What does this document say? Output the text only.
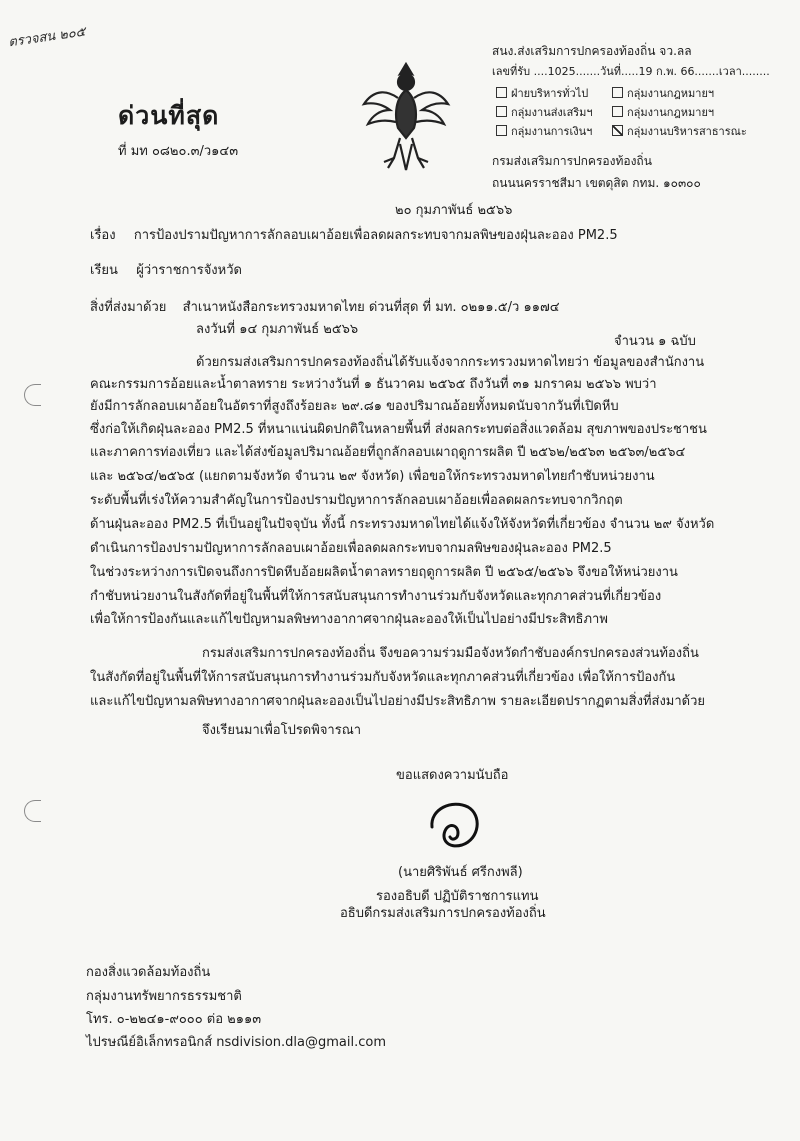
ตรวจสน ๒๐๕
ด่วนที่สุด
ที่ มท ๐๘๒๐.๓/ว๑๔๓
สนง.ส่งเสริมการปกครองท้องถิ่น จว.ลล
เลขที่รับ ....1025.......วันที่.....19 ก.พ. 66.......เวลา........
ฝ่ายบริหารทั่วไป	กลุ่มงานกฎหมายฯ
กลุ่มงานส่งเสริมฯ	กลุ่มงานกฎหมายฯ
กลุ่มงานการเงินฯ	กลุ่มงานบริหารสาธารณะ
กรมส่งเสริมการปกครองท้องถิ่น
ถนนนครราชสีมา เขตดุสิต กทม. ๑๐๓๐๐
๒๐ กุมภาพันธ์ ๒๕๖๖
เรื่อง การป้องปรามปัญหาการลักลอบเผาอ้อยเพื่อลดผลกระทบจากมลพิษของฝุ่นละออง PM2.5
เรียน ผู้ว่าราชการจังหวัด
สิ่งที่ส่งมาด้วย สำเนาหนังสือกระทรวงมหาดไทย ด่วนที่สุด ที่ มท. ๐๒๑๑.๕/ว ๑๑๗๔
ลงวันที่ ๑๔ กุมภาพันธ์ ๒๕๖๖
จำนวน ๑ ฉบับ
ด้วยกรมส่งเสริมการปกครองท้องถิ่นได้รับแจ้งจากกระทรวงมหาดไทยว่า ข้อมูลของสำนักงาน
คณะกรรมการอ้อยและน้ำตาลทราย ระหว่างวันที่ ๑ ธันวาคม ๒๕๖๕ ถึงวันที่ ๓๑ มกราคม ๒๕๖๖ พบว่า
ยังมีการลักลอบเผาอ้อยในอัตราที่สูงถึงร้อยละ ๒๙.๘๑ ของปริมาณอ้อยทั้งหมดนับจากวันที่เปิดหีบ
ซึ่งก่อให้เกิดฝุ่นละออง PM2.5 ที่หนาแน่นผิดปกติในหลายพื้นที่ ส่งผลกระทบต่อสิ่งแวดล้อม สุขภาพของประชาชน
และภาคการท่องเที่ยว และได้ส่งข้อมูลปริมาณอ้อยที่ถูกลักลอบเผาฤดูการผลิต ปี ๒๕๖๒/๒๕๖๓ ๒๕๖๓/๒๕๖๔
และ ๒๕๖๔/๒๕๖๕ (แยกตามจังหวัด จำนวน ๒๙ จังหวัด) เพื่อขอให้กระทรวงมหาดไทยกำชับหน่วยงาน
ระดับพื้นที่เร่งให้ความสำคัญในการป้องปรามปัญหาการลักลอบเผาอ้อยเพื่อลดผลกระทบจากวิกฤต
ด้านฝุ่นละออง PM2.5 ที่เป็นอยู่ในปัจจุบัน ทั้งนี้ กระทรวงมหาดไทยได้แจ้งให้จังหวัดที่เกี่ยวข้อง จำนวน ๒๙ จังหวัด
ดำเนินการป้องปรามปัญหาการลักลอบเผาอ้อยเพื่อลดผลกระทบจากมลพิษของฝุ่นละออง PM2.5
ในช่วงระหว่างการเปิดจนถึงการปิดหีบอ้อยผลิตน้ำตาลทรายฤดูการผลิต ปี ๒๕๖๕/๒๕๖๖ จึงขอให้หน่วยงาน
กำชับหน่วยงานในสังกัดที่อยู่ในพื้นที่ให้การสนับสนุนการทำงานร่วมกับจังหวัดและทุกภาคส่วนที่เกี่ยวข้อง
เพื่อให้การป้องกันและแก้ไขปัญหามลพิษทางอากาศจากฝุ่นละอองให้เป็นไปอย่างมีประสิทธิภาพ
กรมส่งเสริมการปกครองท้องถิ่น จึงขอความร่วมมือจังหวัดกำชับองค์กรปกครองส่วนท้องถิ่น
ในสังกัดที่อยู่ในพื้นที่ให้การสนับสนุนการทำงานร่วมกับจังหวัดและทุกภาคส่วนที่เกี่ยวข้อง เพื่อให้การป้องกัน
และแก้ไขปัญหามลพิษทางอากาศจากฝุ่นละอองเป็นไปอย่างมีประสิทธิภาพ รายละเอียดปรากฏตามสิ่งที่ส่งมาด้วย
จึงเรียนมาเพื่อโปรดพิจารณา
ขอแสดงความนับถือ
(นายศิริพันธ์ ศรีกงพลี)
รองอธิบดี ปฏิบัติราชการแทน
อธิบดีกรมส่งเสริมการปกครองท้องถิ่น
กองสิ่งแวดล้อมท้องถิ่น
กลุ่มงานทรัพยากรธรรมชาติ
โทร. ๐-๒๒๔๑-๙๐๐๐ ต่อ ๒๑๑๓
ไปรษณีย์อิเล็กทรอนิกส์ nsdivision.dla@gmail.com
